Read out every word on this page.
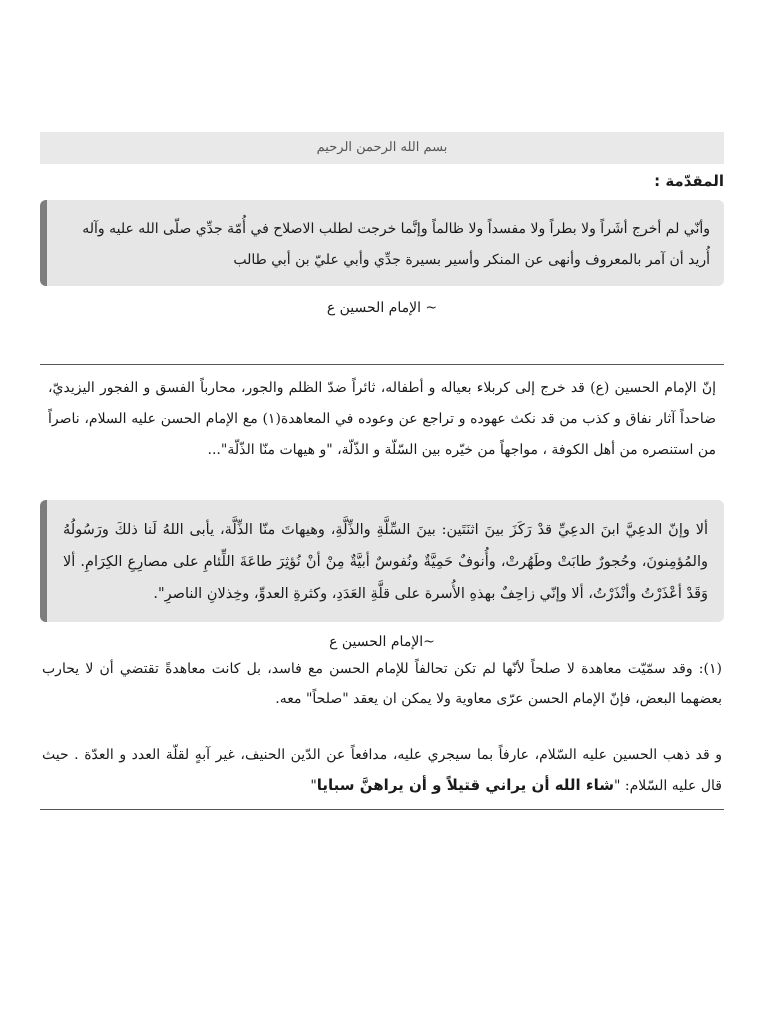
بسم الله الرحمن الرحيم
المقدّمة :
وأنّي لم أخرج أشَراً ولا بطراً ولا مفسداً ولا ظالماً وإنَّما خرجت لطلب الاصلاح في أُمّة جدِّي صلّى الله عليه وآله أُريد أن آمر بالمعروف وأنهى عن المنكر وأسير بسيرة جدِّي وأبي عليّ بن أبي طالب
~ الإمام الحسين ع
إنّ الإمام الحسين (ع) قد خرج إلى كربلاء بعياله و أطفاله، ثائراً ضدّ الظلم والجور، محارباً الفسق و الفجور اليزيديّ، ضاحداً آثار نفاق و كذب من قد نكث عهوده و تراجع عن وعوده في المعاهدة(١) مع الإمام الحسن عليه السلام، ناصراً من استنصره من أهل الكوفة ، مواجهاً من خيّره بين السّلّة و الذّلّة، "و هيهات منّا الذّلّة"...
ألا وإنّ الدعِيَّ ابنَ الدعِيِّ قدْ رَكَزَ بينَ اثنَتَين: بينَ السِّلَّةِ والذِّلَّةِ، وهيهاتَ منّا الذِّلَّة، يأبى اللهُ لَنا ذلكَ ورَسُولُهُ والمُؤمِنونَ، وحُجورٌ طابَتْ وطَهُرتْ، وأُنوفٌ حَمِيَّةٌ ونُفوسٌ أبيَّةٌ مِنْ أنْ نُؤثِرَ طاعَةَ اللِّئامِ على مصارِعِ الكِرَامِ. ألا وَقَدْ أعْذَرْتُ وأنْذَرْتُ، ألا وإنّي زاحِفٌ بهذهِ الأُسرة على قلَّةِ العَدَدِ، وكثرةِ العدوِّ، وخِذلانِ الناصرِ".
~الإمام الحسين ع
(١): وقد سمّيّت معاهدة لا صلحاً لأنّها لم تكن تحالفاً للإمام الحسن مع فاسد، بل كانت معاهدةً تقتضي أن لا يحارب بعضهما البعض، فإنّ الإمام الحسن عرّى معاوية ولا يمكن ان يعقد "صلحاً" معه.
و قد ذهب الحسين عليه السّلام، عارفاً بما سيجري عليه، مدافعاً عن الدّين الحنيف، غير آبهٍ لقلّة العدد و العدّة . حيث قال عليه السّلام: "شاء الله أن يراني قتيلاً و أن يراهنَّ سبايا"
